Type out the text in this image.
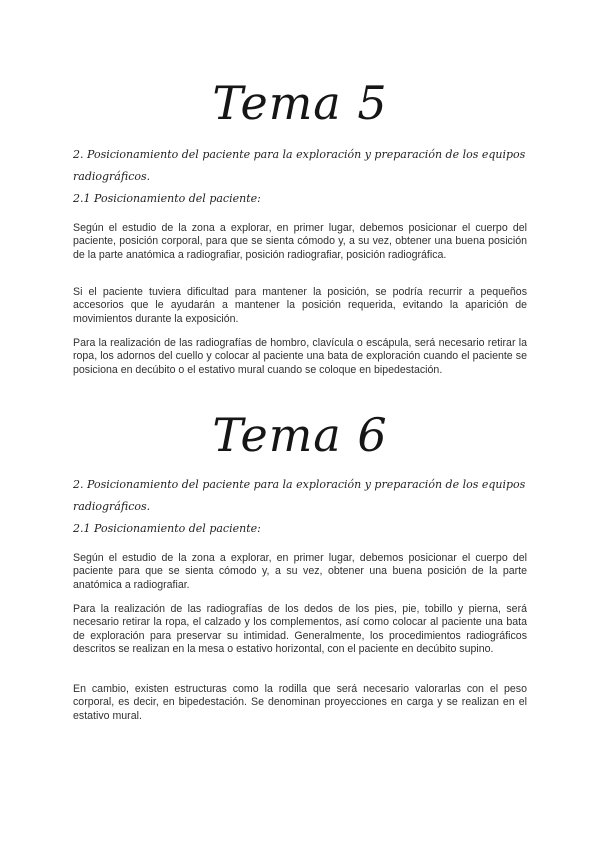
Tema 5
2. Posicionamiento del paciente para la exploración y preparación de los equipos radiográficos.
2.1 Posicionamiento del paciente:

Según el estudio de la zona a explorar, en primer lugar, debemos posicionar el cuerpo del paciente, posición corporal, para que se sienta cómodo y, a su vez, obtener una buena posición de la parte anatómica a radiografiar, posición radiografiar, posición radiográfica.

Si el paciente tuviera dificultad para mantener la posición, se podría recurrir a pequeños accesorios que le ayudarán a mantener la posición requerida, evitando la aparición de movimientos durante la exposición.

Para la realización de las radiografías de hombro, clavícula o escápula, será necesario retirar la ropa, los adornos del cuello y colocar al paciente una bata de exploración cuando el paciente se posiciona en decúbito o el estativo mural cuando se coloque en bipedestación.

Tema 6
2. Posicionamiento del paciente para la exploración y preparación de los equipos radiográficos.
2.1 Posicionamiento del paciente:

Según el estudio de la zona a explorar, en primer lugar, debemos posicionar el cuerpo del paciente para que se sienta cómodo y, a su vez, obtener una buena posición de la parte anatómica a radiografiar.

Para la realización de las radiografías de los dedos de los pies, pie, tobillo y pierna, será necesario retirar la ropa, el calzado y los complementos, así como colocar al paciente una bata de exploración para preservar su intimidad. Generalmente, los procedimientos radiográficos descritos se realizan en la mesa o estativo horizontal, con el paciente en decúbito supino.

En cambio, existen estructuras como la rodilla que será necesario valorarlas con el peso corporal, es decir, en bipedestación. Se denominan proyecciones en carga y se realizan en el estativo mural.
